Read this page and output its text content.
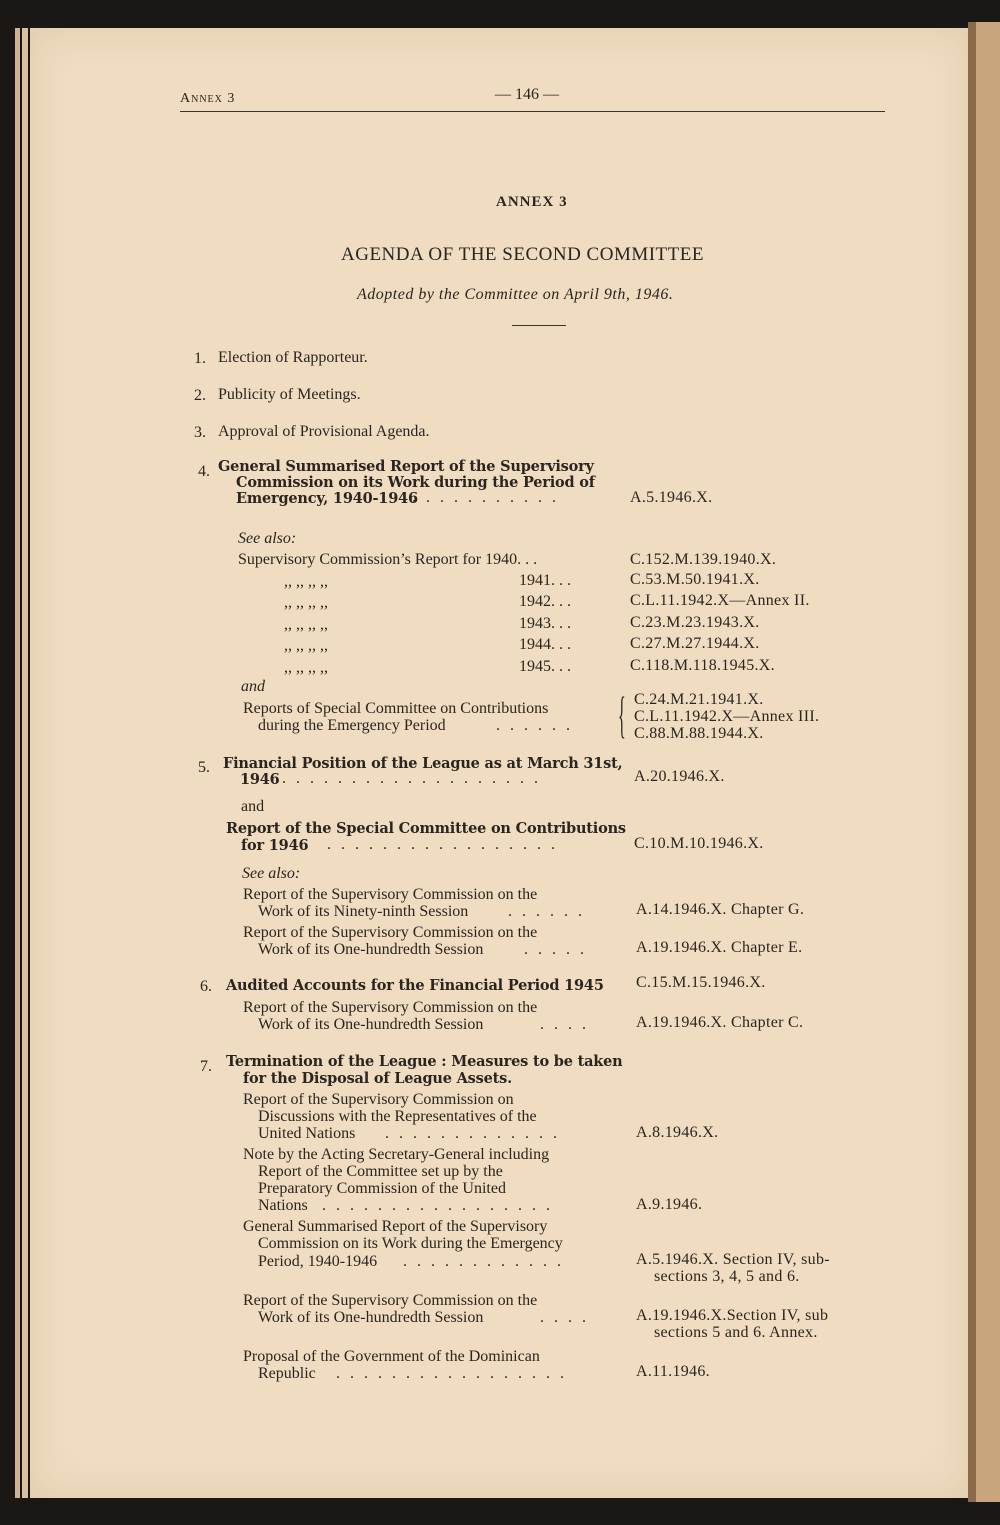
Annex 3	— 146 —
ANNEX 3
AGENDA OF THE SECOND COMMITTEE
Adopted by the Committee on April 9th, 1946.
1. Election of Rapporteur.
2. Publicity of Meetings.
3. Approval of Provisional Agenda.
4. General Summarised Report of the Supervisory
Commission on its Work during the Period of
Emergency, 1940-1946
. . . . . . . . . . .	A.5.1946.X.
See also:
Supervisory Commission’s Report for 1940. . .	C.152.M.139.1940.X.
,, ,, ,, ,,	1941. . .	C.53.M.50.1941.X.
,, ,, ,, ,,	1942. . .	C.L.11.1942.X—Annex II.
,, ,, ,, ,,	1943. . .	C.23.M.23.1943.X.
,, ,, ,, ,,	1944. . .	C.27.M.27.1944.X.
,, ,, ,, ,,	1945. . .	C.118.M.118.1945.X.
and
Reports of Special Committee on Contributions
during the Emergency Period	. . . . . .	{ C.24.M.21.1941.X.
C.L.11.1942.X—Annex III.
C.88.M.88.1944.X.
5. Financial Position of the League as at March 31st,
1946 . . . . . . . . . . . . . . . . . . .	A.20.1946.X.
and
Report of the Special Committee on Contributions
for 1946 . . . . . . . . . . . . . . . . .	C.10.M.10.1946.X.
See also:
Report of the Supervisory Commission on the
Work of its Ninety-ninth Session . . . . . .	A.14.1946.X. Chapter G.
Report of the Supervisory Commission on the
Work of its One-hundredth Session	. . . . .	A.19.1946.X. Chapter E.
6. Audited Accounts for the Financial Period 1945 C.15.M.15.1946.X.
Report of the Supervisory Commission on the
Work of its One-hundredth Session	. . . .	A.19.1946.X. Chapter C.
7. Termination of the League : Measures to be taken
for the Disposal of League Assets.
Report of the Supervisory Commission on
Discussions with the Representatives of the
United Nations . . . . . . . . . . . . .	A.8.1946.X.
Note by the Acting Secretary-General including
Report of the Committee set up by the
Preparatory Commission of the United
Nations . . . . . . . . . . . . . . . . .	A.9.1946.
General Summarised Report of the Supervisory
Commission on its Work during the Emergency
Period, 1940-1946 . . . . . . . . . . . .	A.5.1946.X. Section IV, sub-
sections 3, 4, 5 and 6.
Report of the Supervisory Commission on the
Work of its One-hundredth Session	. . . .	A.19.1946.X.Section IV, sub
sections 5 and 6. Annex.
Proposal of the Government of the Dominican
Republic . . . . . . . . . . . . . . . . .	A.11.1946.
